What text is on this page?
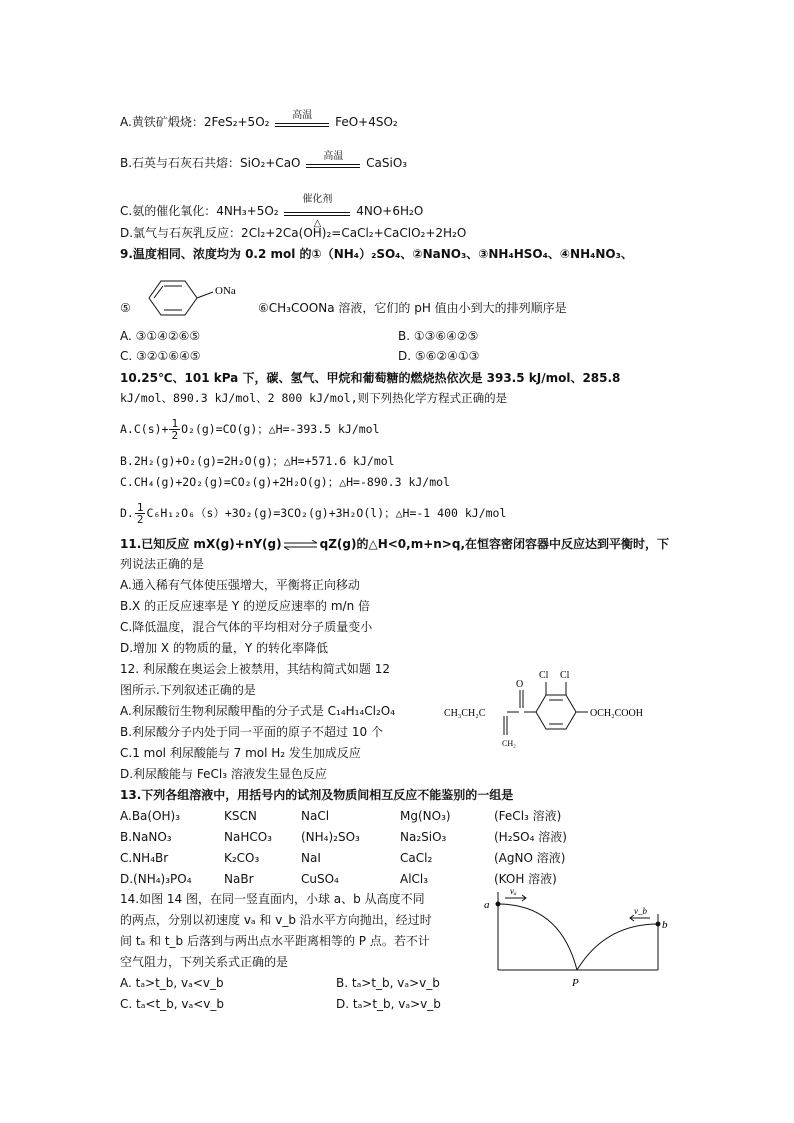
A.黄铁矿煅烧：2FeS₂+5O₂	高温	FeO+4SO₂
B.石英与石灰石共熔：SiO₂+CaO	高温	CaSiO₃
C.氨的催化氧化：4NH₃+5O₂
催化剂
△
4NO+6H₂O
D.氯气与石灰乳反应：2Cl₂+2Ca(OH)₂=CaCl₂+CaClO₂+2H₂O
9.温度相同、浓度均为 0.2 mol 的①（NH₄）₂SO₄、②NaNO₃、③NH₄HSO₄、④NH₄NO₃、
⑤
ONa
⑥CH₃COONa 溶液，它们的 pH 值由小到大的排列顺序是
A. ③①④②⑥⑤	B. ①③⑥④②⑤
C. ③②①⑥④⑤	D. ⑤⑥②④①③
10.25℃、101 kPa 下，碳、氢气、甲烷和葡萄糖的燃烧热依次是 393.5 kJ/mol、285.8
kJ/mol、890.3 kJ/mol、2 800 kJ/mol,则下列热化学方程式正确的是
$A.C(s)+ \frac{1}{2} O_2(g)=CO(g)$；△H=-393.5 kJ/mol
B.2H₂(g)+O₂(g)=2H₂O(g)；△H=+571.6 kJ/mol
C.CH₄(g)+2O₂(g)=CO₂(g)+2H₂O(g)；△H=-890.3 kJ/mol
D. $\frac{1}{2} C_6H_{12}O_6(s)+3O_2(g)=3CO_2(g)+3H_2O(l)$；△H=-1 400 kJ/mol
11.已知反应 mX(g)+nY(g)⇌qZ(g)的△H<0,m+n>q,在恒容密闭容器中反应达到平衡时，下
列说法正确的是
A.通入稀有气体使压强增大，平衡将正向移动
B.X 的正反应速率是 Y 的逆反应速率的 m/n 倍
C.降低温度，混合气体的平均相对分子质量变小
D.增加 X 的物质的量，Y 的转化率降低
12. 利尿酸在奥运会上被禁用，其结构简式如题 12
图所示.下列叙述正确的是
A.利尿酸衍生物利尿酸甲酯的分子式是 C₁₄H₁₄Cl₂O₄
B.利尿酸分子内处于同一平面的原子不超过 10 个
C.1 mol 利尿酸能与 7 mol H₂ 发生加成反应
D.利尿酸能与 FeCl₃ 溶液发生显色反应
O
Cl Cl
CH₃CH₂C
CH₂
OCH₂COOH
13.下列各组溶液中，用括号内的试剂及物质间相互反应不能鉴别的一组是
A.Ba(OH)₃	KSCN	NaCl	Mg(NO₃)	(FeCl₃ 溶液)
B.NaNO₃	NaHCO₃ (NH₄)₂SO₃	Na₂SiO₃	(H₂SO₄ 溶液)
C.NH₄Br	K₂CO₃	NaI	CaCl₂	(AgNO 溶液)
D.(NH₄)₃PO₄	NaBr	CuSO₄	AlCl₃	(KOH 溶液)
14.如图 14 图，在同一竖直面内，小球 a、b 从高度不同
的两点，分别以初速度 vₐ 和 v_b 沿水平方向抛出，经过时
间 tₐ 和 t_b 后落到与两出点水平距离相等的 P 点。若不计
空气阻力，下列关系式正确的是
A. tₐ>t_b, vₐ<v_b	B. tₐ>t_b, vₐ>v_b
C. tₐ<t_b, vₐ<v_b	D. tₐ>t_b, vₐ>v_b
a
b
P
vₐ
v_b
